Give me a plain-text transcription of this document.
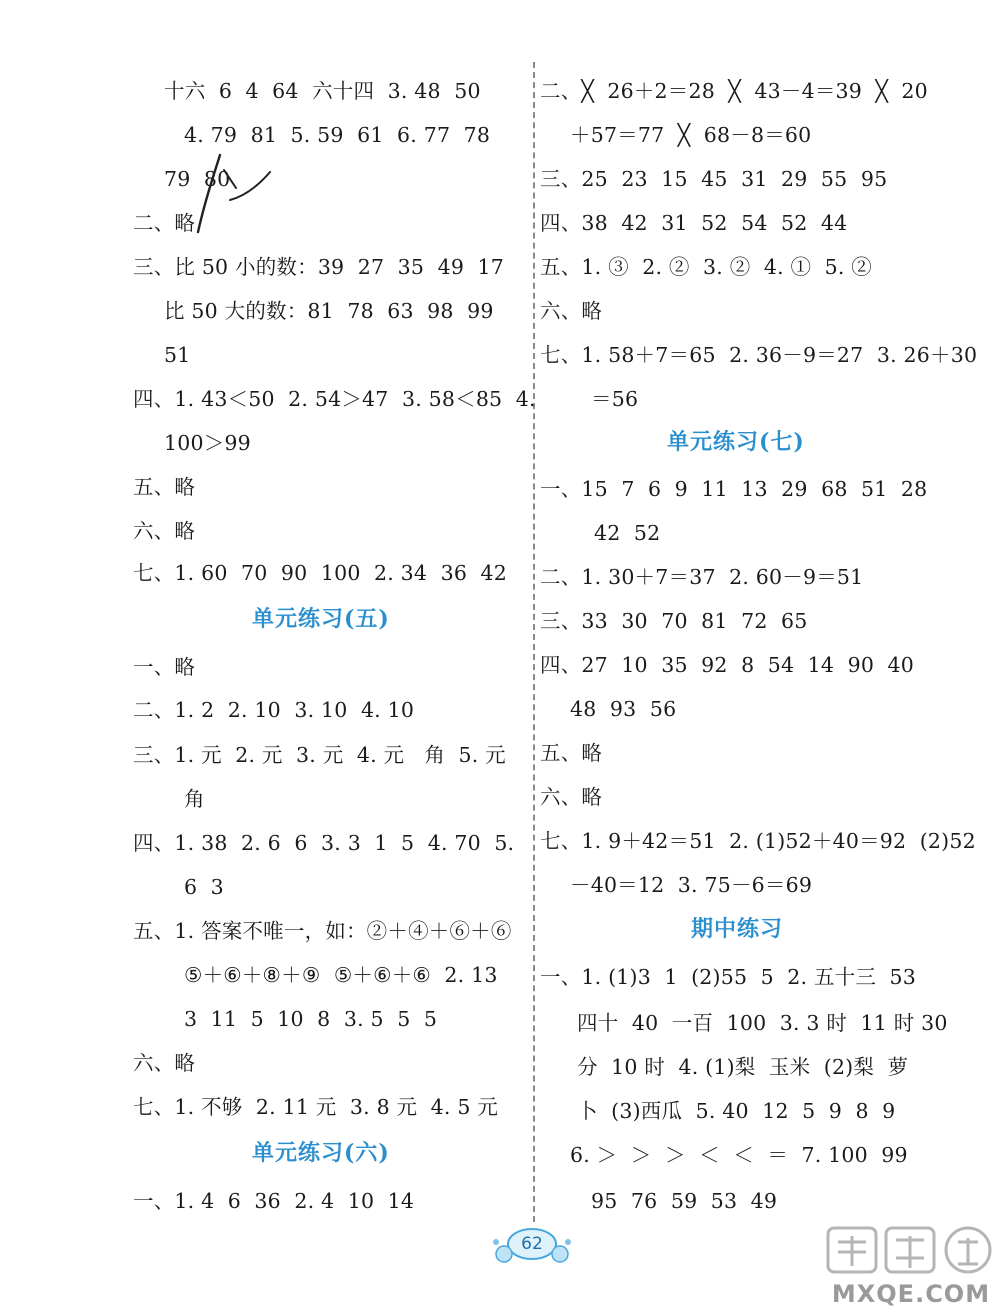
十六  6  4  64  六十四  3. 48  50
4. 79  81  5. 59  61  6. 77  78
79  80
二、略
三、比 50 小的数：39  27  35  49  17
比 50 大的数：81  78  63  98  99
51
四、1. 43＜50  2. 54＞47  3. 58＜85  4.
100＞99
五、略
六、略
七、1. 60  70  90  100  2. 34  36  42
单元练习(五)
一、略
二、1. 2  2. 10  3. 10  4. 10
三、1. 元  2. 元  3. 元  4. 元   角  5. 元
角
四、1. 38  2. 6  6  3. 3  1  5  4. 70  5.
6  3
五、1. 答案不唯一，如：②＋④＋⑥＋⑥
⑤＋⑥＋⑧＋⑨  ⑤＋⑥＋⑥  2. 13
3  11  5  10  8  3. 5  5  5
六、略
七、1. 不够  2. 11 元  3. 8 元  4. 5 元
单元练习(六)
一、1. 4  6  36  2. 4  10  14
二、╳  26＋2＝28  ╳  43－4＝39  ╳  20
＋57＝77  ╳  68－8＝60
三、25  23  15  45  31  29  55  95
四、38  42  31  52  54  52  44
五、1. ③  2. ②  3. ②  4. ①  5. ②
六、略
七、1. 58＋7＝65  2. 36－9＝27  3. 26＋30
＝56
单元练习(七)
一、15  7  6  9  11  13  29  68  51  28
42  52
二、1. 30＋7＝37  2. 60－9＝51
三、33  30  70  81  72  65
四、27  10  35  92  8  54  14  90  40
48  93  56
五、略
六、略
七、1. 9＋42＝51  2. (1)52＋40＝92  (2)52
－40＝12  3. 75－6＝69
期中练习
一、1. (1)3  1  (2)55  5  2. 五十三  53
四十  40  一百  100  3. 3 时  11 时 30
分  10 时  4. (1)梨  玉米  (2)梨  萝
卜  (3)西瓜  5. 40  12  5  9  8  9
6. ＞  ＞  ＞  ＜  ＜  ＝  7. 100  99
95  76  59  53  49
62
MXQE.COM
